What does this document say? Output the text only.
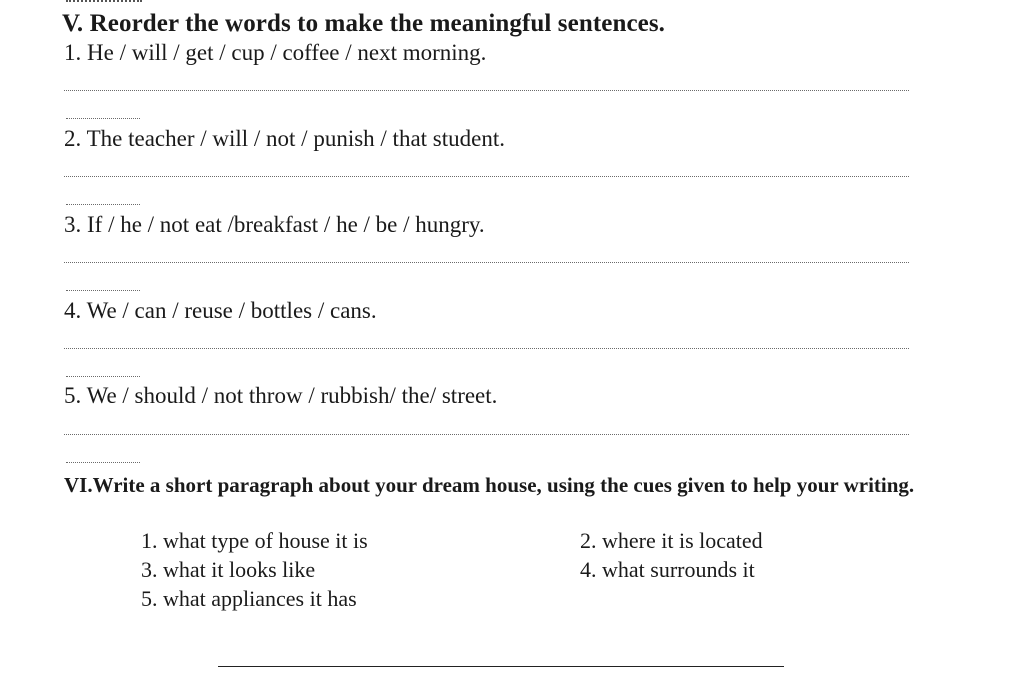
V. Reorder the words to make the meaningful sentences.
1. He / will / get / cup / coffee / next morning.
2. The teacher / will / not / punish / that student.
3. If / he / not eat /breakfast / he / be / hungry.
4. We / can / reuse / bottles / cans.
5. We / should / not throw / rubbish/ the/ street.
VI.Write a short paragraph about your dream house, using the cues given to help your writing.
1. what type of house it is	2. where it is located
3. what it looks like	4. what surrounds it
5. what appliances it has
